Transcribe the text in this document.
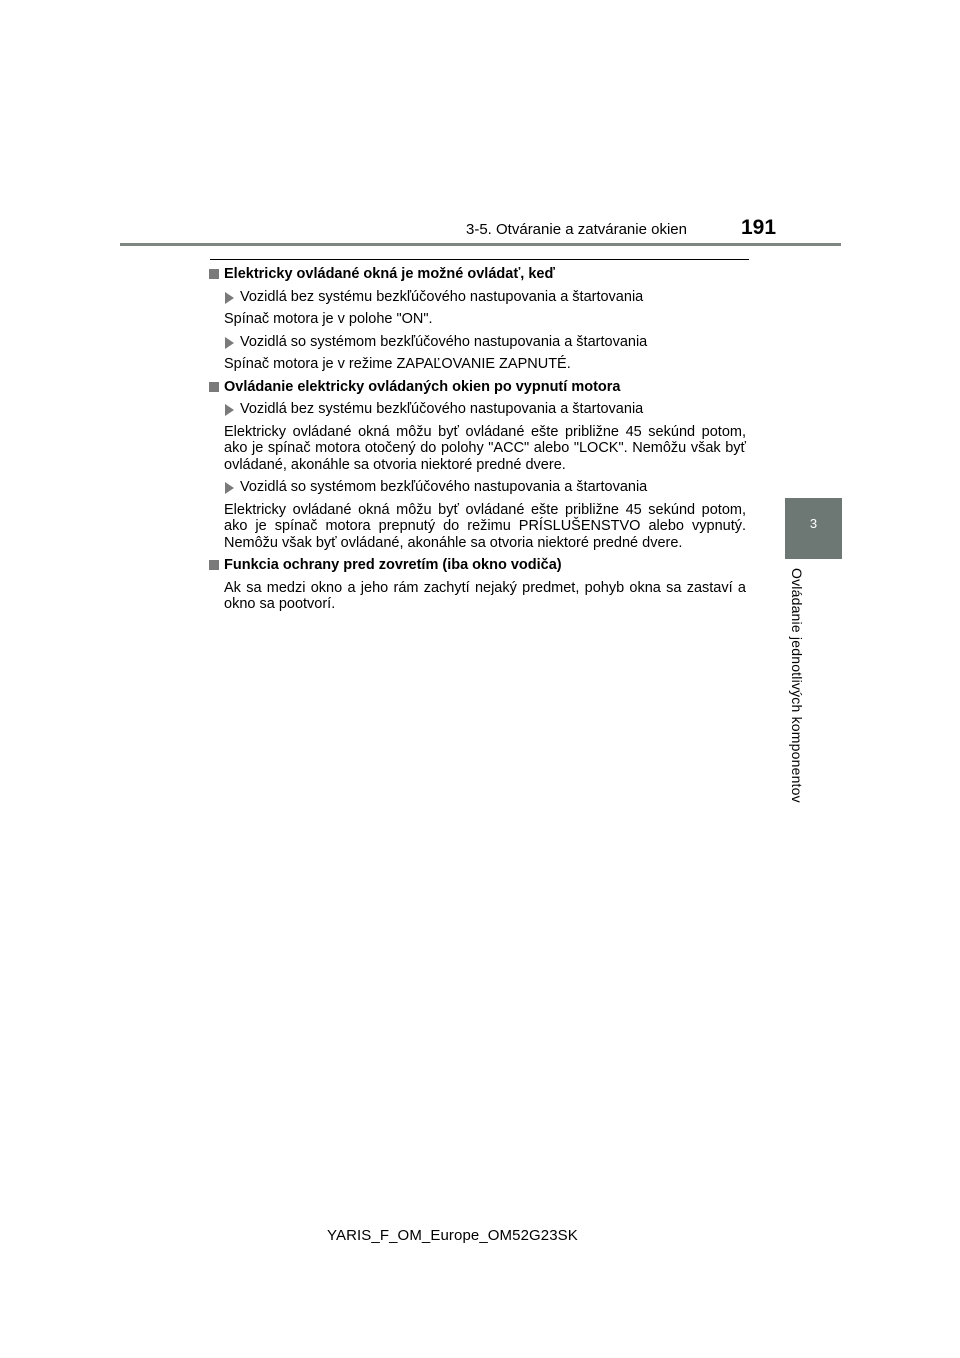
3-5. Otváranie a zatváranie okien	191
3
Ovládanie jednotlivých komponentov
Elektricky ovládané okná je možné ovládať, keď
Vozidlá bez systému bezkľúčového nastupovania a štartovania
Spínač motora je v polohe "ON".
Vozidlá so systémom bezkľúčového nastupovania a štartovania
Spínač motora je v režime ZAPAĽOVANIE ZAPNUTÉ.
Ovládanie elektricky ovládaných okien po vypnutí motora
Vozidlá bez systému bezkľúčového nastupovania a štartovania
Elektricky ovládané okná môžu byť ovládané ešte približne 45 sekúnd potom, ako je spínač motora otočený do polohy "ACC" alebo "LOCK". Nemôžu však byť ovládané, akonáhle sa otvoria niektoré predné dvere.
Vozidlá so systémom bezkľúčového nastupovania a štartovania
Elektricky ovládané okná môžu byť ovládané ešte približne 45 sekúnd potom, ako je spínač motora prepnutý do režimu PRÍSLUŠENSTVO alebo vypnutý. Nemôžu však byť ovládané, akonáhle sa otvoria niektoré predné dvere.
Funkcia ochrany pred zovretím (iba okno vodiča)
Ak sa medzi okno a jeho rám zachytí nejaký predmet, pohyb okna sa zastaví a okno sa pootvorí.
YARIS_F_OM_Europe_OM52G23SK
